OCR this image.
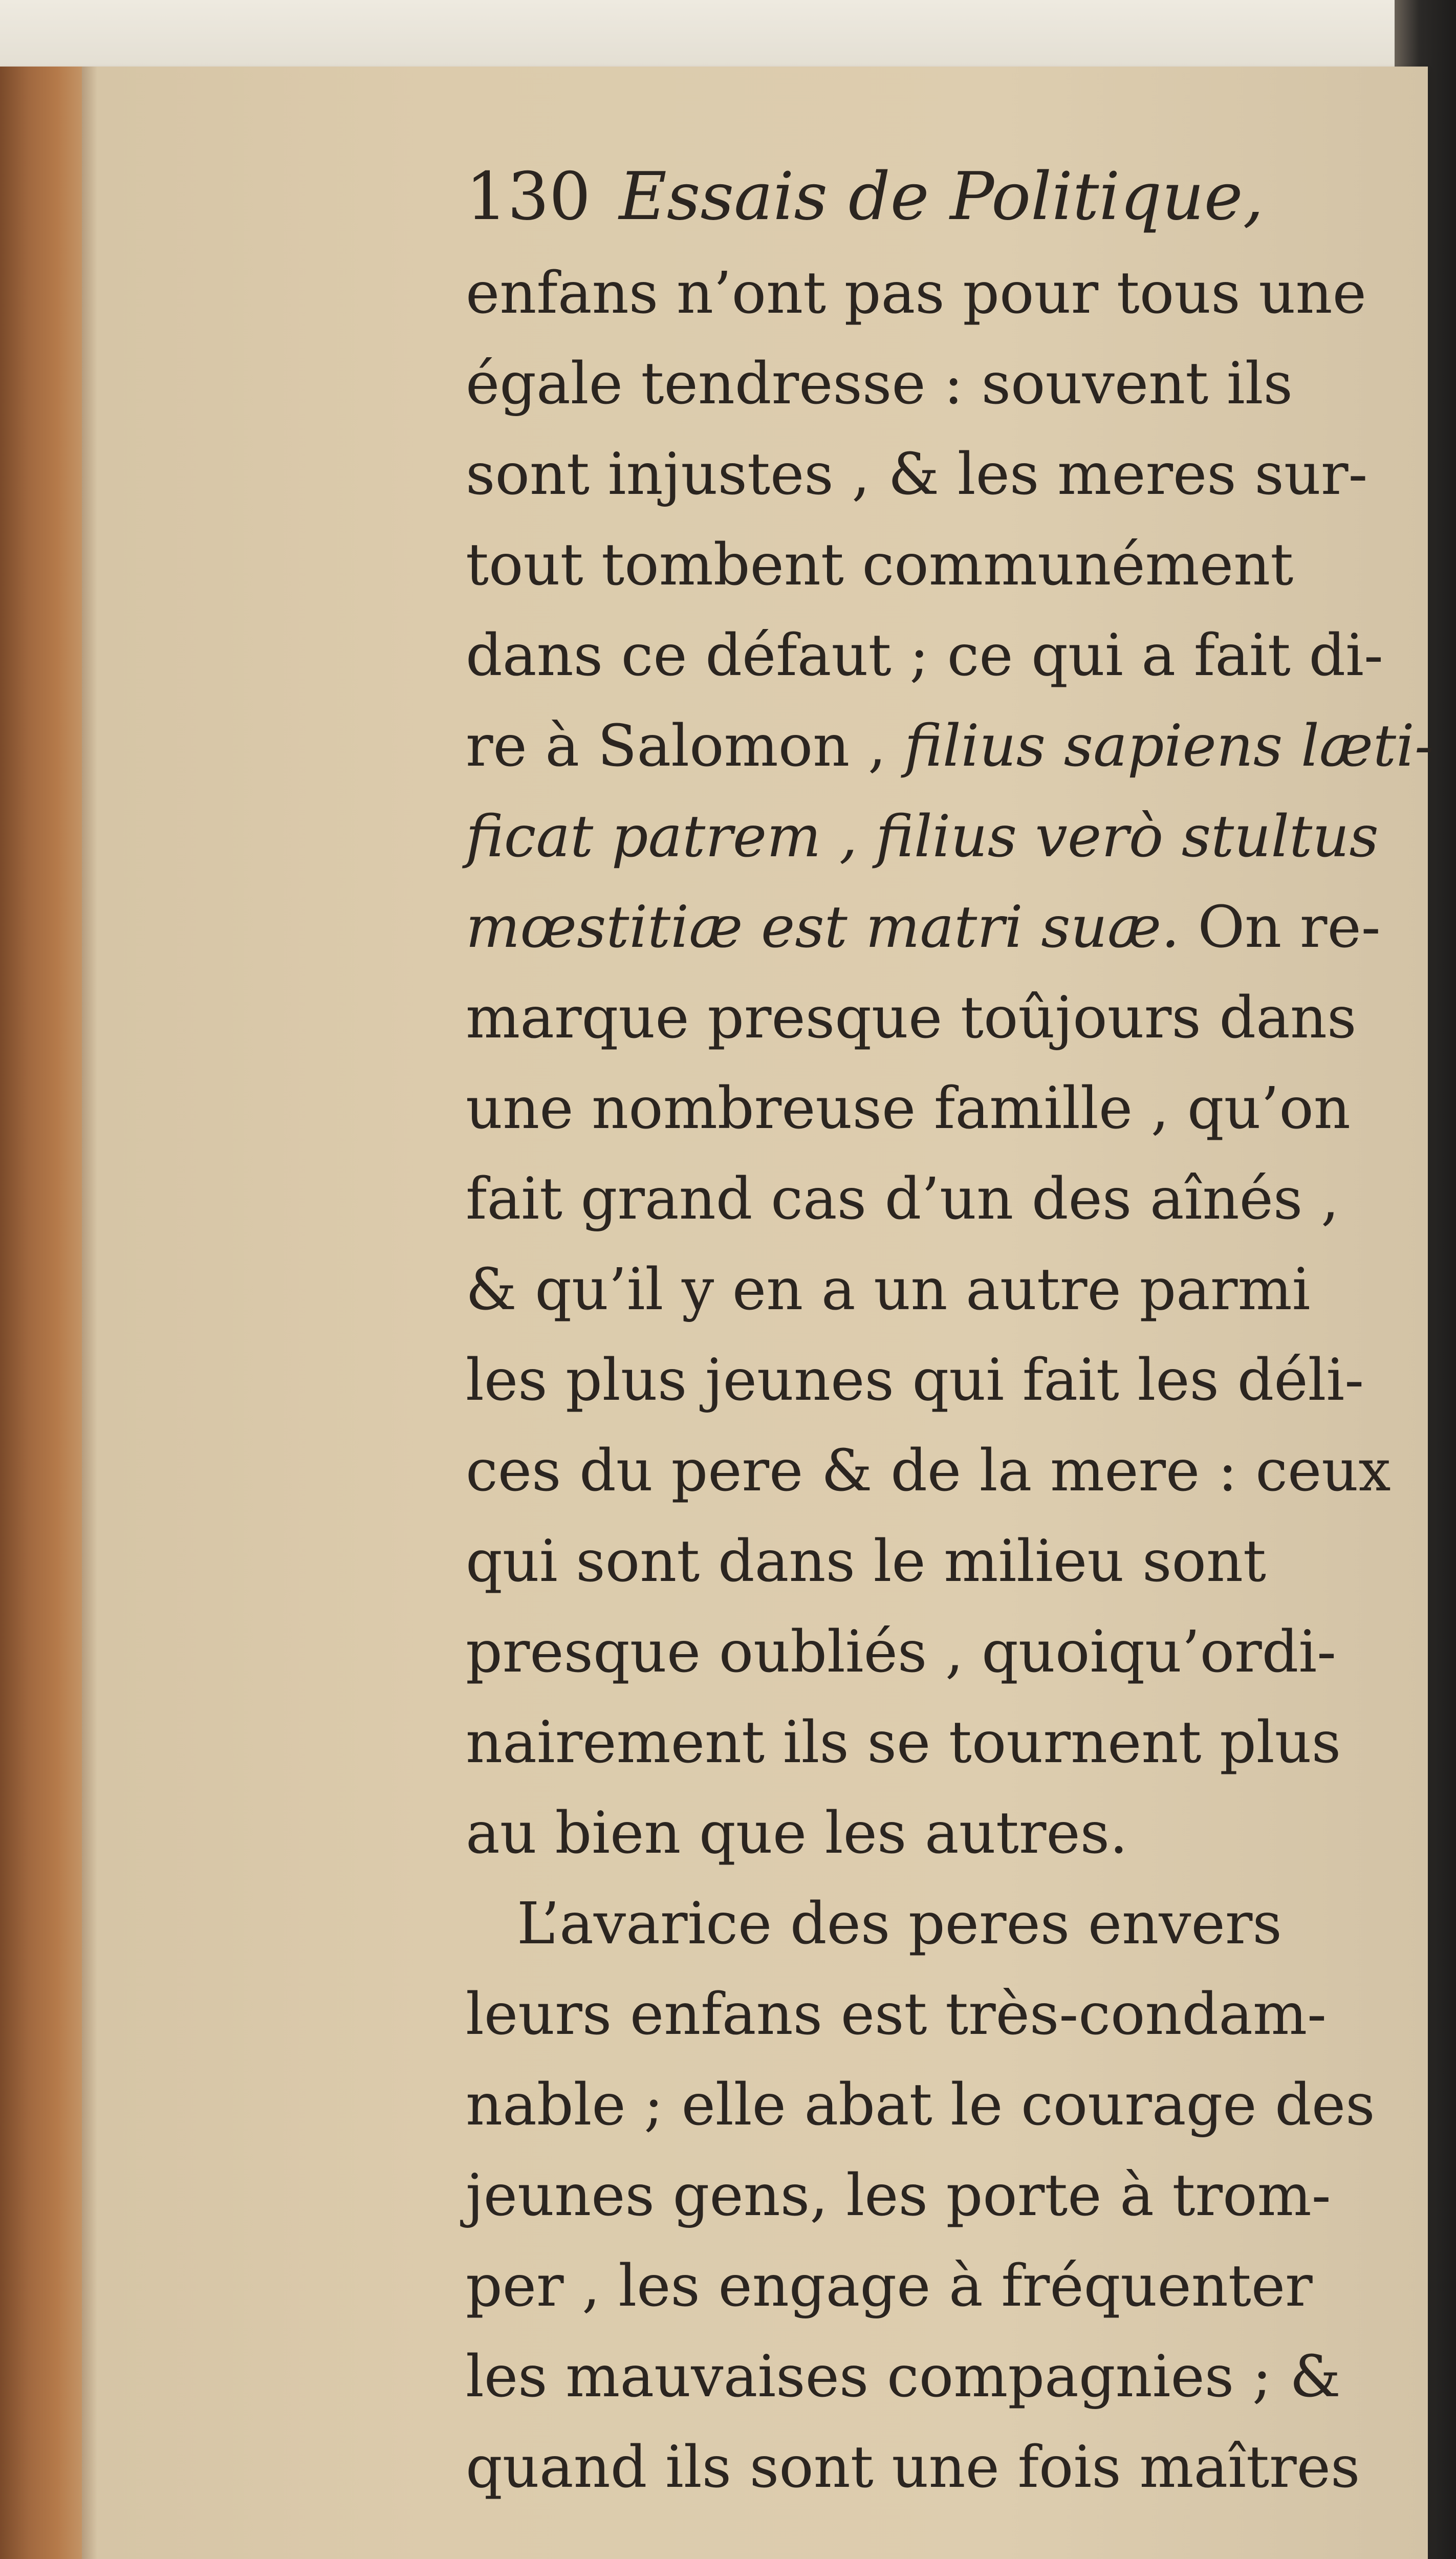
130 Essais de Politique,
enfans n’ont pas pour tous une
égale tendresse : souvent ils
sont injustes , & les meres sur-
tout tombent communément
dans ce défaut ; ce qui a fait di-
re à Salomon , filius sapiens læti-
ficat patrem , filius verò stultus
mœstitiæ est matri suæ. On re-
marque presque toûjours dans
une nombreuse famille , qu’on
fait grand cas d’un des aînés ,
& qu’il y en a un autre parmi
les plus jeunes qui fait les déli-
ces du pere & de la mere : ceux
qui sont dans le milieu sont
presque oubliés , quoiqu’ordi-
nairement ils se tournent plus
au bien que les autres.
L’avarice des peres envers
leurs enfans est très-condam-
nable ; elle abat le courage des
jeunes gens, les porte à trom-
per , les engage à fréquenter
les mauvaises compagnies ; &
quand ils sont une fois maîtres
